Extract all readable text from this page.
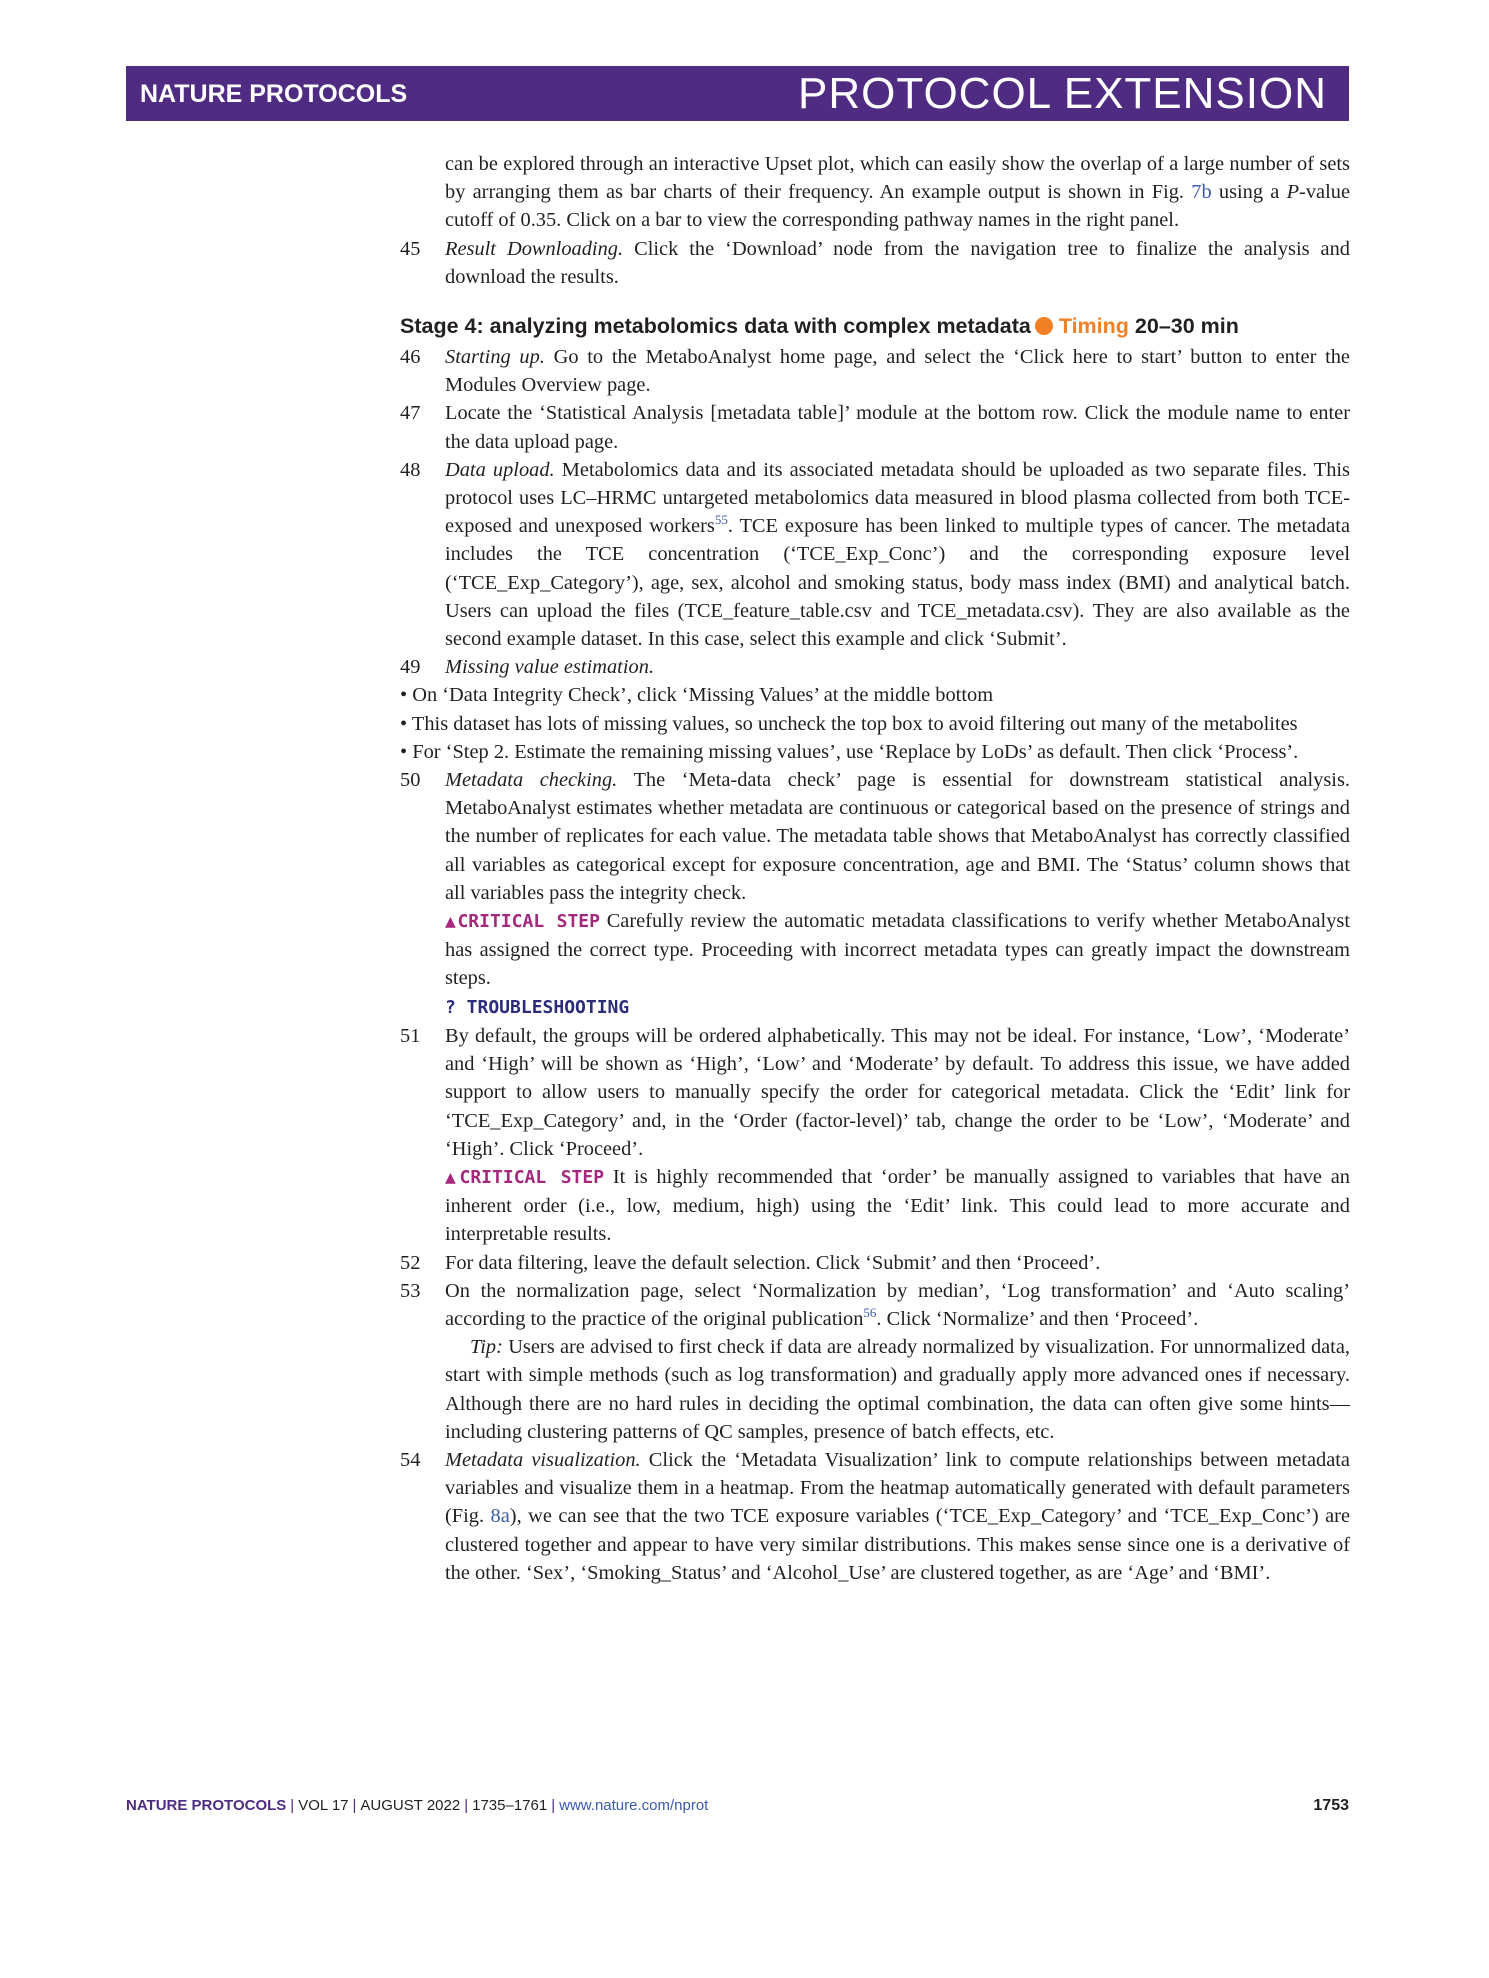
NATURE PROTOCOLS	PROTOCOL EXTENSION

can be explored through an interactive Upset plot, which can easily show the overlap of a large number of sets by arranging them as bar charts of their frequency. An example output is shown in Fig. 7b using a P-value cutoff of 0.35. Click on a bar to view the corresponding pathway names in the right panel.

45 Result Downloading. Click the ‘Download’ node from the navigation tree to finalize the analysis and download the results.

Stage 4: analyzing metabolomics data with complex metadata Timing 20–30 min

46 Starting up. Go to the MetaboAnalyst home page, and select the ‘Click here to start’ button to enter the Modules Overview page.

47 Locate the ‘Statistical Analysis [metadata table]’ module at the bottom row. Click the module name to enter the data upload page.

48 Data upload. Metabolomics data and its associated metadata should be uploaded as two separate files. This protocol uses LC–HRMC untargeted metabolomics data measured in blood plasma collected from both TCE-exposed and unexposed workers$^{55}$. TCE exposure has been linked to multiple types of cancer. The metadata includes the TCE concentration (‘TCE_Exp_Conc’) and the corresponding exposure level (‘TCE_Exp_Category’), age, sex, alcohol and smoking status, body mass index (BMI) and analytical batch. Users can upload the files (TCE_feature_table.csv and TCE_metadata.csv). They are also available as the second example dataset. In this case, select this example and click ‘Submit’.

49 Missing value estimation.

• On ‘Data Integrity Check’, click ‘Missing Values’ at the middle bottom

• This dataset has lots of missing values, so uncheck the top box to avoid filtering out many of the metabolites

• For ‘Step 2. Estimate the remaining missing values’, use ‘Replace by LoDs’ as default. Then click ‘Process’.

50 Metadata checking. The ‘Meta-data check’ page is essential for downstream statistical analysis. MetaboAnalyst estimates whether metadata are continuous or categorical based on the presence of strings and the number of replicates for each value. The metadata table shows that MetaboAnalyst has correctly classified all variables as categorical except for exposure concentration, age and BMI. The ‘Status’ column shows that all variables pass the integrity check.

▲CRITICAL STEP Carefully review the automatic metadata classifications to verify whether MetaboAnalyst has assigned the correct type. Proceeding with incorrect metadata types can greatly impact the downstream steps.

? TROUBLESHOOTING

51 By default, the groups will be ordered alphabetically. This may not be ideal. For instance, ‘Low’, ‘Moderate’ and ‘High’ will be shown as ‘High’, ‘Low’ and ‘Moderate’ by default. To address this issue, we have added support to allow users to manually specify the order for categorical metadata. Click the ‘Edit’ link for ‘TCE_Exp_Category’ and, in the ‘Order (factor-level)’ tab, change the order to be ‘Low’, ‘Moderate’ and ‘High’. Click ‘Proceed’.

▲CRITICAL STEP It is highly recommended that ‘order’ be manually assigned to variables that have an inherent order (i.e., low, medium, high) using the ‘Edit’ link. This could lead to more accurate and interpretable results.

52 For data filtering, leave the default selection. Click ‘Submit’ and then ‘Proceed’.

53 On the normalization page, select ‘Normalization by median’, ‘Log transformation’ and ‘Auto scaling’ according to the practice of the original publication$^{56}$. Click ‘Normalize’ and then ‘Proceed’.

Tip: Users are advised to first check if data are already normalized by visualization. For unnormalized data, start with simple methods (such as log transformation) and gradually apply more advanced ones if necessary. Although there are no hard rules in deciding the optimal combination, the data can often give some hints—including clustering patterns of QC samples, presence of batch effects, etc.

54 Metadata visualization. Click the ‘Metadata Visualization’ link to compute relationships between metadata variables and visualize them in a heatmap. From the heatmap automatically generated with default parameters (Fig. 8a), we can see that the two TCE exposure variables (‘TCE_Exp_Category’ and ‘TCE_Exp_Conc’) are clustered together and appear to have very similar distributions. This makes sense since one is a derivative of the other. ‘Sex’, ‘Smoking_Status’ and ‘Alcohol_Use’ are clustered together, as are ‘Age’ and ‘BMI’.

NATURE PROTOCOLS | VOL 17 | AUGUST 2022 | 1735–1761 | www.nature.com/nprot	1753
